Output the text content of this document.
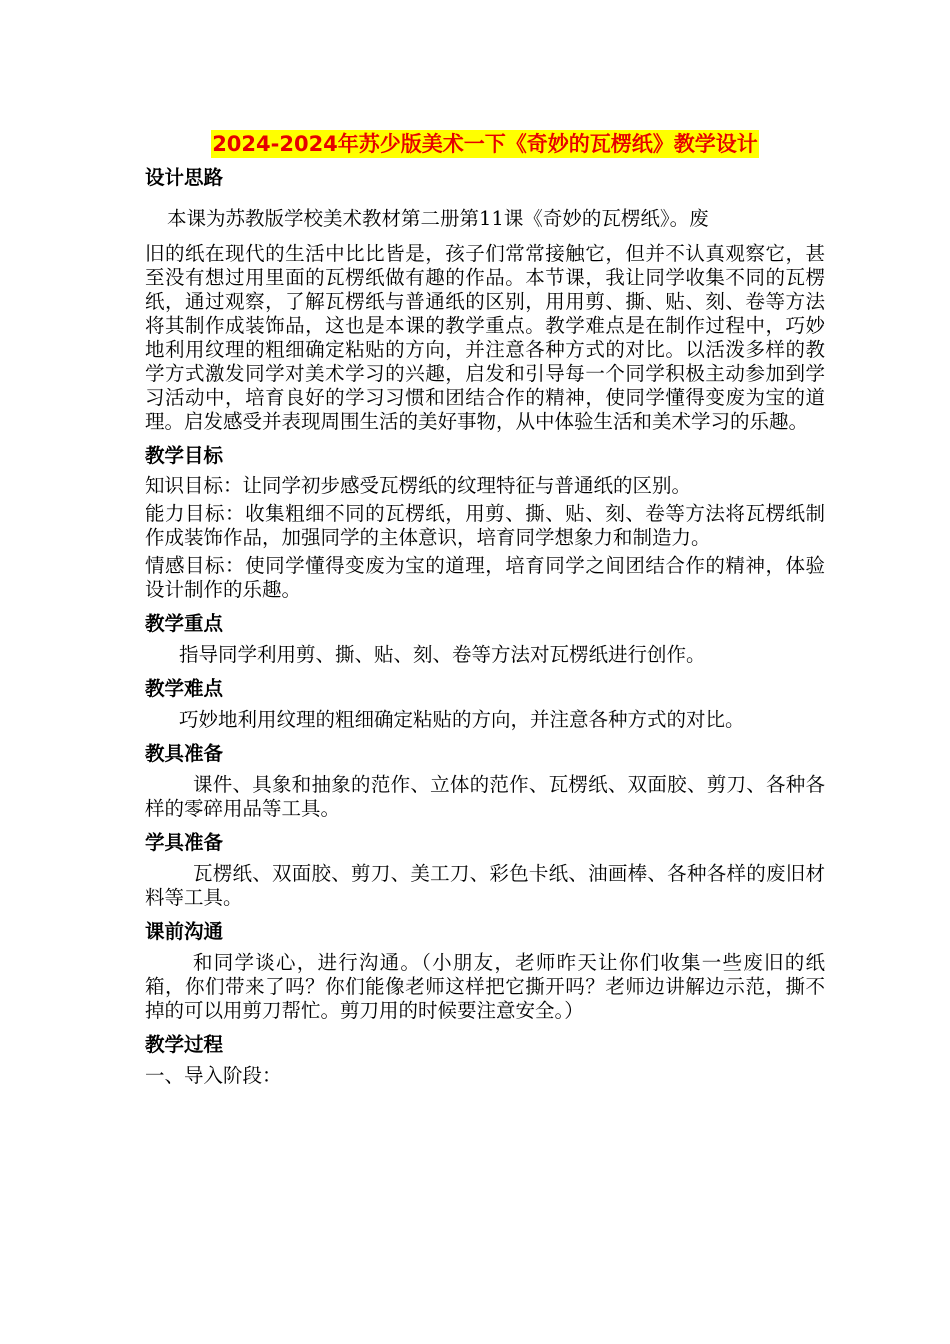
2024-2024年苏少版美术一下《奇妙的瓦楞纸》教学设计
设计思路
本课为苏教版学校美术教材第二册第11课《奇妙的瓦楞纸》。废
旧的纸在现代的生活中比比皆是，孩子们常常接触它，但并不认真观察它，甚至没有想过用里面的瓦楞纸做有趣的作品。本节课，我让同学收集不同的瓦楞纸，通过观察，了解瓦楞纸与普通纸的区别，用用剪、撕、贴、刻、卷等方法将其制作成装饰品，这也是本课的教学重点。教学难点是在制作过程中，巧妙地利用纹理的粗细确定粘贴的方向，并注意各种方式的对比。以活泼多样的教学方式激发同学对美术学习的兴趣，启发和引导每一个同学积极主动参加到学习活动中，培育良好的学习习惯和团结合作的精神，使同学懂得变废为宝的道理。启发感受并表现周围生活的美好事物，从中体验生活和美术学习的乐趣。
教学目标

知识目标：让同学初步感受瓦楞纸的纹理特征与普通纸的区别。

能力目标：收集粗细不同的瓦楞纸，用剪、撕、贴、刻、卷等方法将瓦楞纸制作成装饰作品，加强同学的主体意识，培育同学想象力和制造力。

情感目标：使同学懂得变废为宝的道理，培育同学之间团结合作的精神，体验设计制作的乐趣。

教学重点

指导同学利用剪、撕、贴、刻、卷等方法对瓦楞纸进行创作。

教学难点

巧妙地利用纹理的粗细确定粘贴的方向，并注意各种方式的对比。

教具准备

课件、具象和抽象的范作、立体的范作、瓦楞纸、双面胶、剪刀、各种各样的零碎用品等工具。

学具准备

瓦楞纸、双面胶、剪刀、美工刀、彩色卡纸、油画棒、各种各样的废旧材料等工具。

课前沟通

和同学谈心，进行沟通。（小朋友，老师昨天让你们收集一些废旧的纸箱，你们带来了吗？你们能像老师这样把它撕开吗？老师边讲解边示范，撕不掉的可以用剪刀帮忙。剪刀用的时候要注意安全。）

教学过程

一、导入阶段：
